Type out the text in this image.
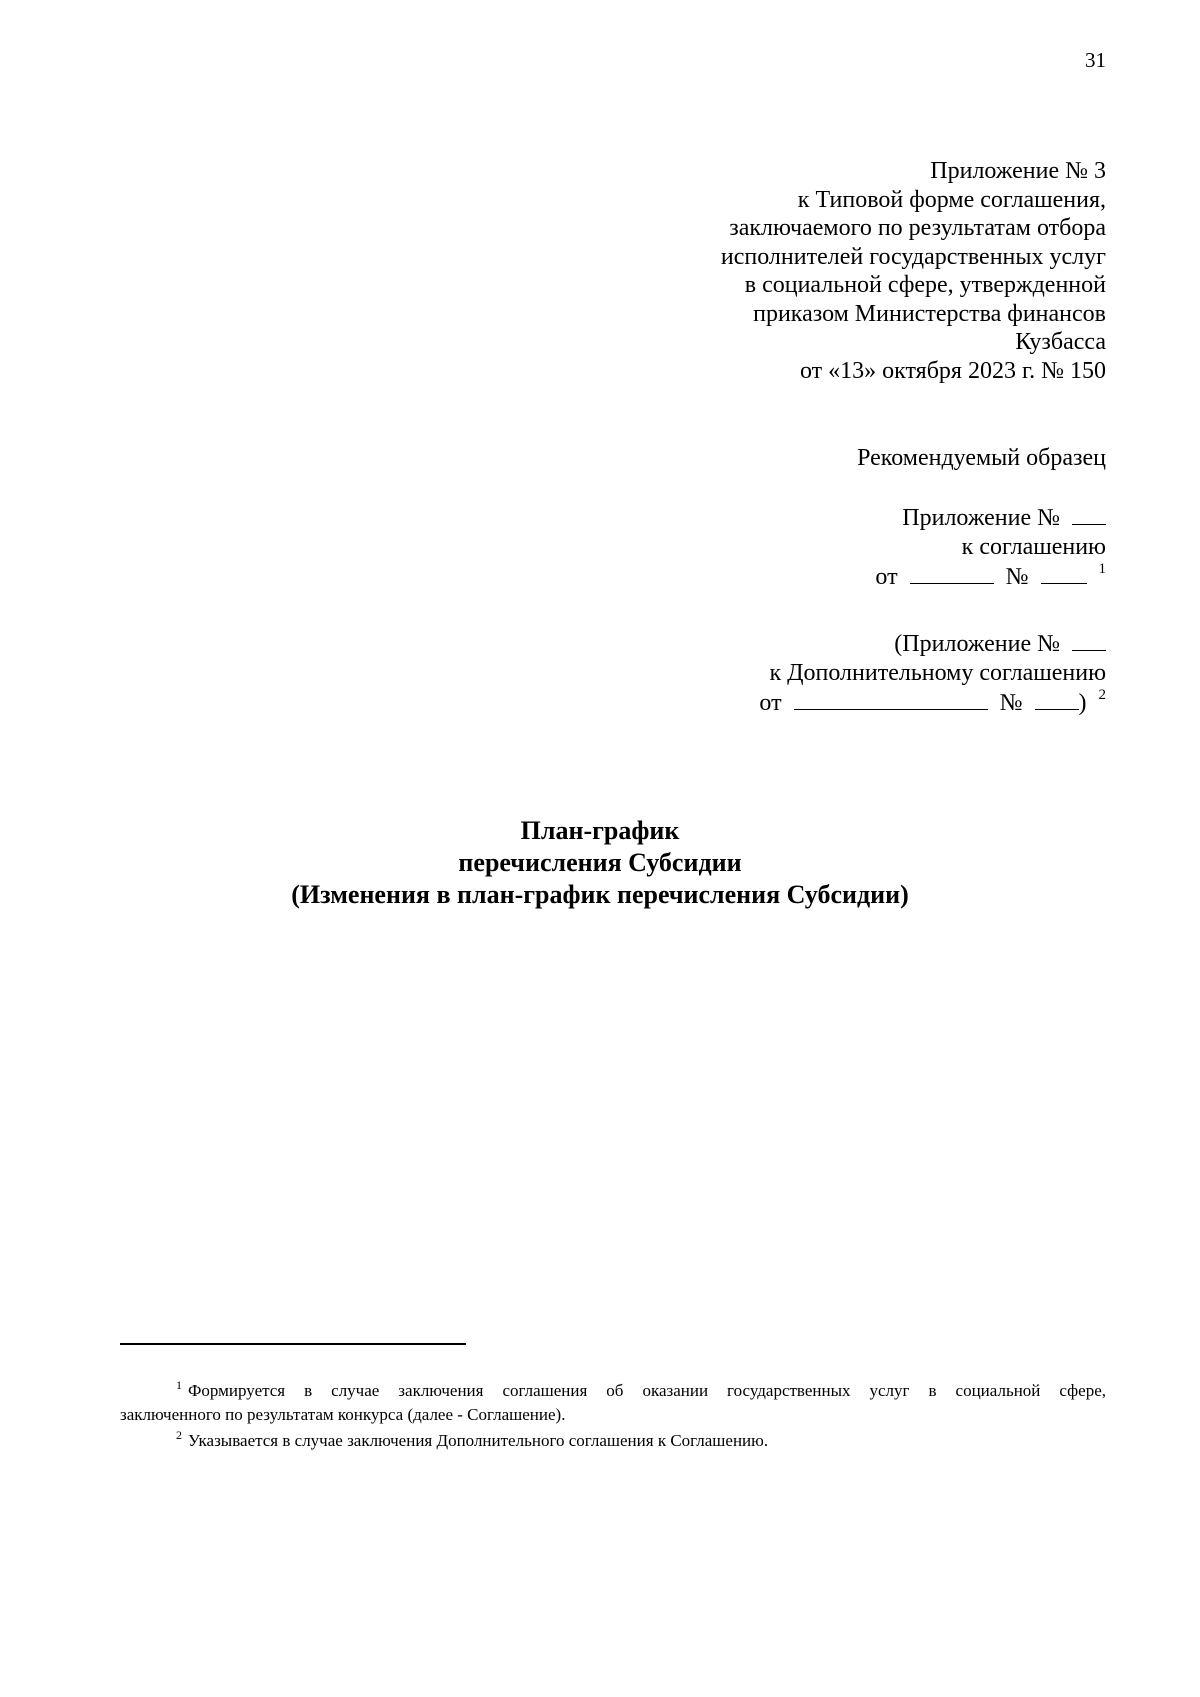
31
Приложение № 3
к Типовой форме соглашения,
заключаемого по результатам отбора
исполнителей государственных услуг
в социальной сфере, утвержденной
приказом Министерства финансов
Кузбасса
от «13» октября 2023 г. № 150
Рекомендуемый образец
Приложение №
к соглашению
от	№	$^1$
(Приложение №
к Дополнительному соглашению
от	№ ) $^2$
План-график
перечисления Субсидии
(Изменения в план-график перечисления Субсидии)
$^1$ Формируется в случае заключения соглашения об оказании государственных услуг в социальной сфере,
заключенного по результатам конкурса (далее - Соглашение).
$^2$ Указывается в случае заключения Дополнительного соглашения к Соглашению.
